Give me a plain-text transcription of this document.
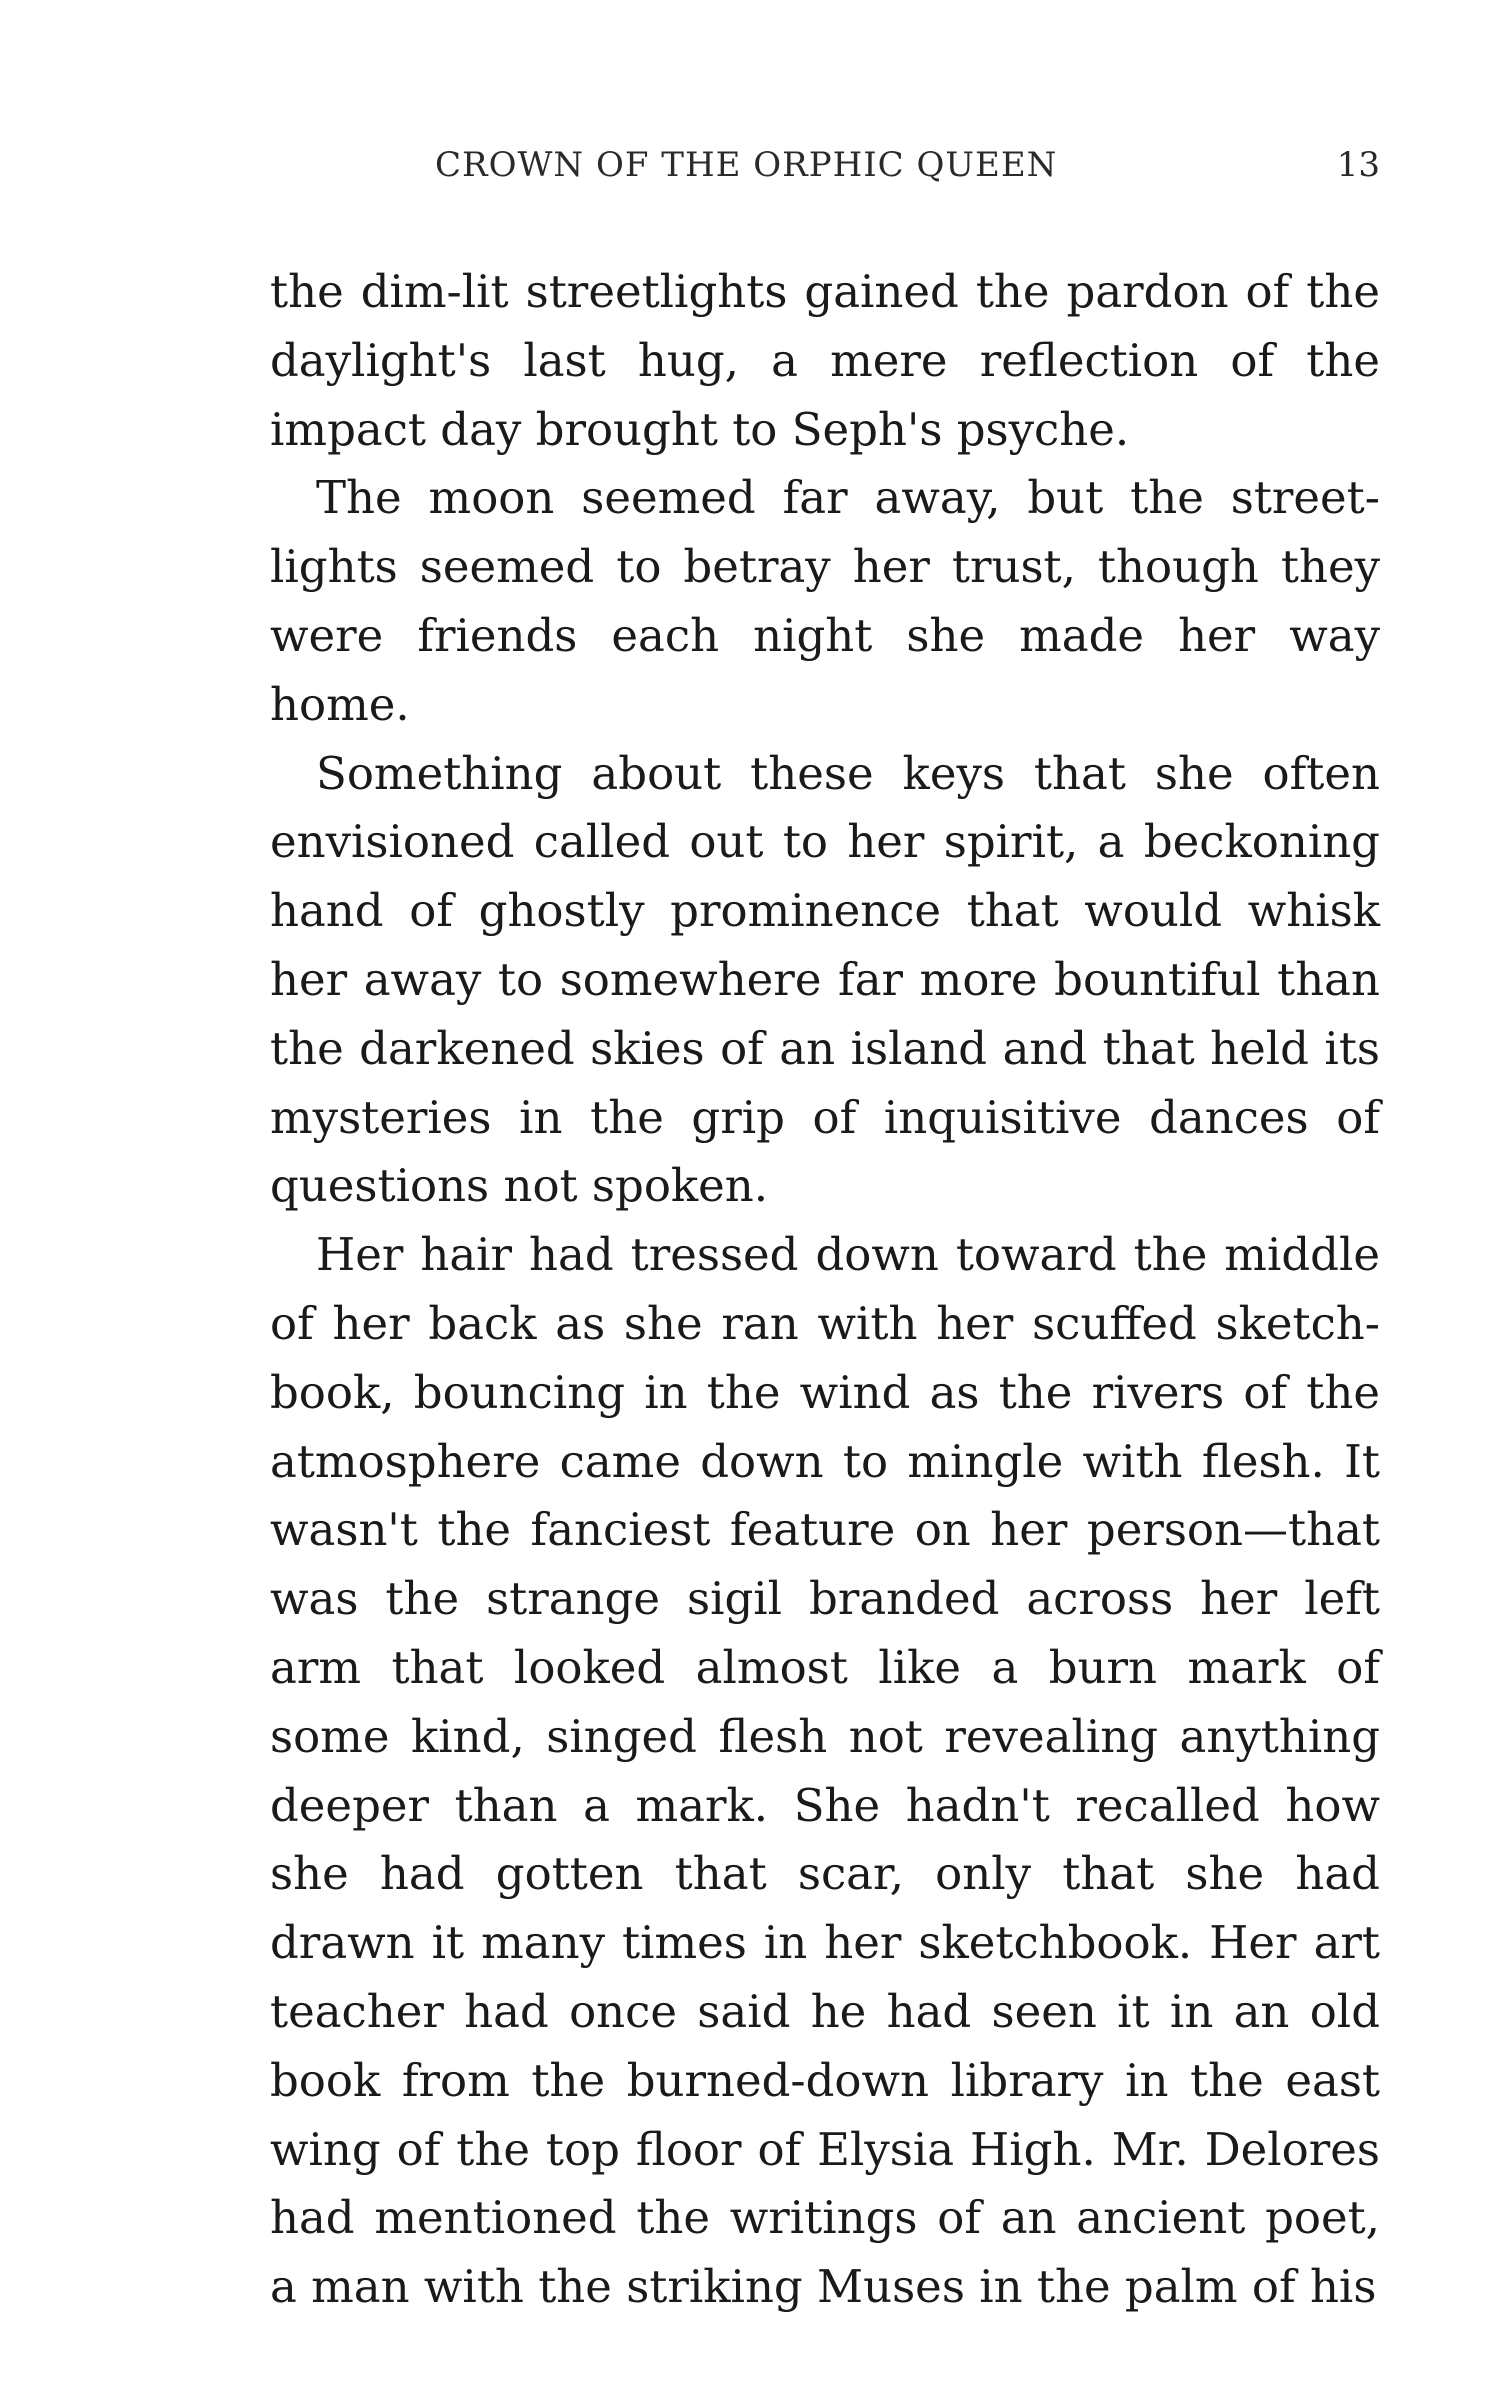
CROWN OF THE ORPHIC QUEEN	13

the dim-lit streetlights gained the pardon of the daylight's last hug, a mere reflection of the impact day brought to Seph's psyche.

The moon seemed far away, but the streetlights seemed to betray her trust, though they were friends each night she made her way home.

Something about these keys that she often envisioned called out to her spirit, a beckoning hand of ghostly prominence that would whisk her away to somewhere far more bountiful than the darkened skies of an island and that held its mysteries in the grip of inquisitive dances of questions not spoken.

Her hair had tressed down toward the middle of her back as she ran with her scuffed sketchbook, bouncing in the wind as the rivers of the atmosphere came down to mingle with flesh. It wasn't the fanciest feature on her person—that was the strange sigil branded across her left arm that looked almost like a burn mark of some kind, singed flesh not revealing anything deeper than a mark. She hadn't recalled how she had gotten that scar, only that she had drawn it many times in her sketchbook. Her art teacher had once said he had seen it in an old book from the burned-down library in the east wing of the top floor of Elysia High. Mr. Delores had mentioned the writings of an ancient poet, a man with the striking Muses in the palm of his
